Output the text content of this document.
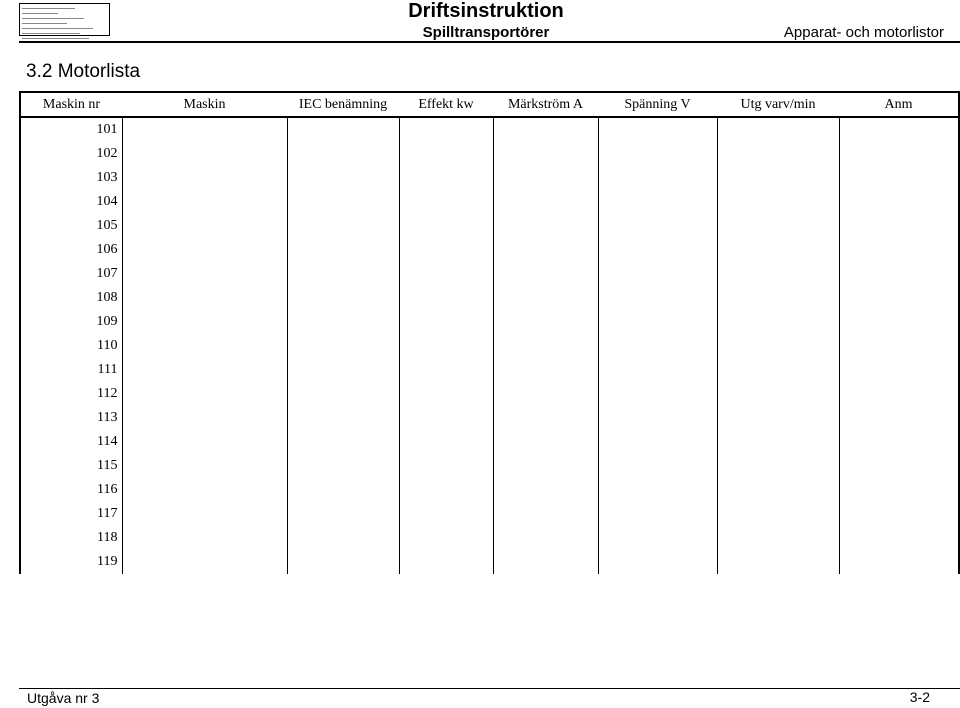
Driftsinstruktion
Spilltransportörer	Apparat- och motorlistor
3.2 Motorlista
Maskin nr	Maskin	IEC benämning	Effekt kw	Märkström A	Spänning V	Utg varv/min	Anm
101							
102							
103							
104							
105							
106							
107							
108							
109							
110							
111							
112							
113							
114							
115							
116							
117							
118							
119							
Utgåva nr 3	3-2
